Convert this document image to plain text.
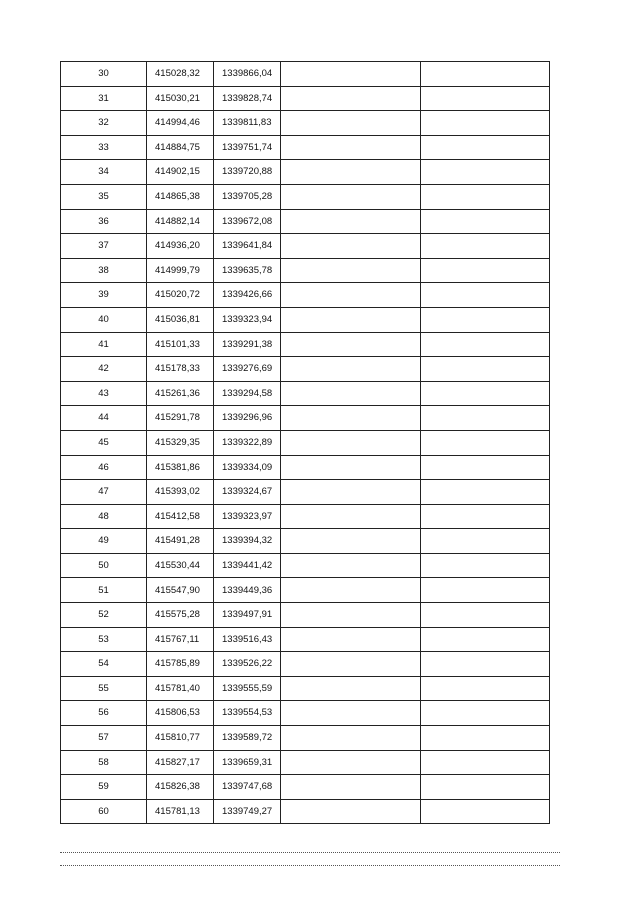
30	415028,32	1339866,04		
31	415030,21	1339828,74		
32	414994,46	1339811,83		
33	414884,75	1339751,74		
34	414902,15	1339720,88		
35	414865,38	1339705,28		
36	414882,14	1339672,08		
37	414936,20	1339641,84		
38	414999,79	1339635,78		
39	415020,72	1339426,66		
40	415036,81	1339323,94		
41	415101,33	1339291,38		
42	415178,33	1339276,69		
43	415261,36	1339294,58		
44	415291,78	1339296,96		
45	415329,35	1339322,89		
46	415381,86	1339334,09		
47	415393,02	1339324,67		
48	415412,58	1339323,97		
49	415491,28	1339394,32		
50	415530,44	1339441,42		
51	415547,90	1339449,36		
52	415575,28	1339497,91		
53	415767,11	1339516,43		
54	415785,89	1339526,22		
55	415781,40	1339555,59		
56	415806,53	1339554,53		
57	415810,77	1339589,72		
58	415827,17	1339659,31		
59	415826,38	1339747,68		
60	415781,13	1339749,27		
